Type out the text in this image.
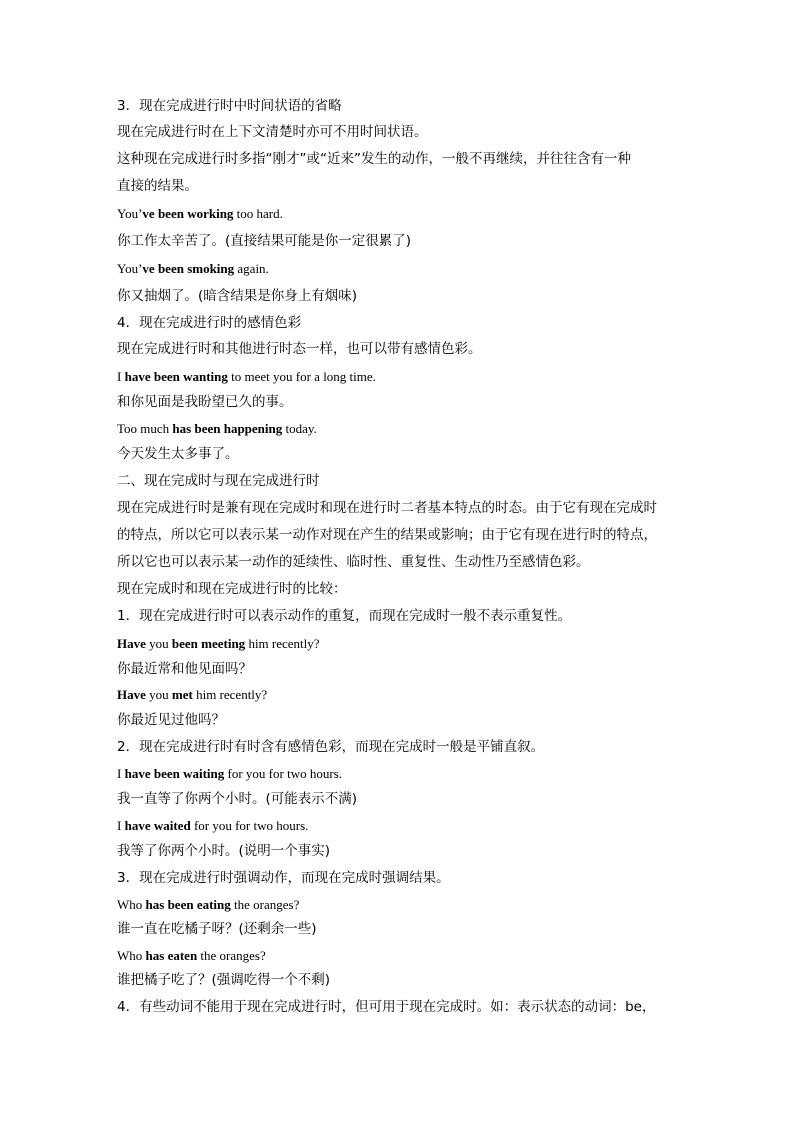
3．现在完成进行时中时间状语的省略
现在完成进行时在上下文清楚时亦可不用时间状语。
这种现在完成进行时多指“刚才”或“近来”发生的动作，一般不再继续，并往往含有一种
直接的结果。
You’ve been working too hard.
你工作太辛苦了。(直接结果可能是你一定很累了)
You’ve been smoking again.
你又抽烟了。(暗含结果是你身上有烟味)
4．现在完成进行时的感情色彩
现在完成进行时和其他进行时态一样，也可以带有感情色彩。
I have been wanting to meet you for a long time.
和你见面是我盼望已久的事。
Too much has been happening today.
今天发生太多事了。
二、现在完成时与现在完成进行时
现在完成进行时是兼有现在完成时和现在进行时二者基本特点的时态。由于它有现在完成时
的特点，所以它可以表示某一动作对现在产生的结果或影响；由于它有现在进行时的特点，
所以它也可以表示某一动作的延续性、临时性、重复性、生动性乃至感情色彩。
现在完成时和现在完成进行时的比较：
1．现在完成进行时可以表示动作的重复，而现在完成时一般不表示重复性。
Have you been meeting him recently?
你最近常和他见面吗？
Have you met him recently?
你最近见过他吗？
2．现在完成进行时有时含有感情色彩，而现在完成时一般是平铺直叙。
I have been waiting for you for two hours.
我一直等了你两个小时。(可能表示不满)
I have waited for you for two hours.
我等了你两个小时。(说明一个事实)
3．现在完成进行时强调动作，而现在完成时强调结果。
Who has been eating the oranges?
谁一直在吃橘子呀？(还剩余一些)
Who has eaten the oranges?
谁把橘子吃了？(强调吃得一个不剩)
4．有些动词不能用于现在完成进行时，但可用于现在完成时。如：表示状态的动词：be，
